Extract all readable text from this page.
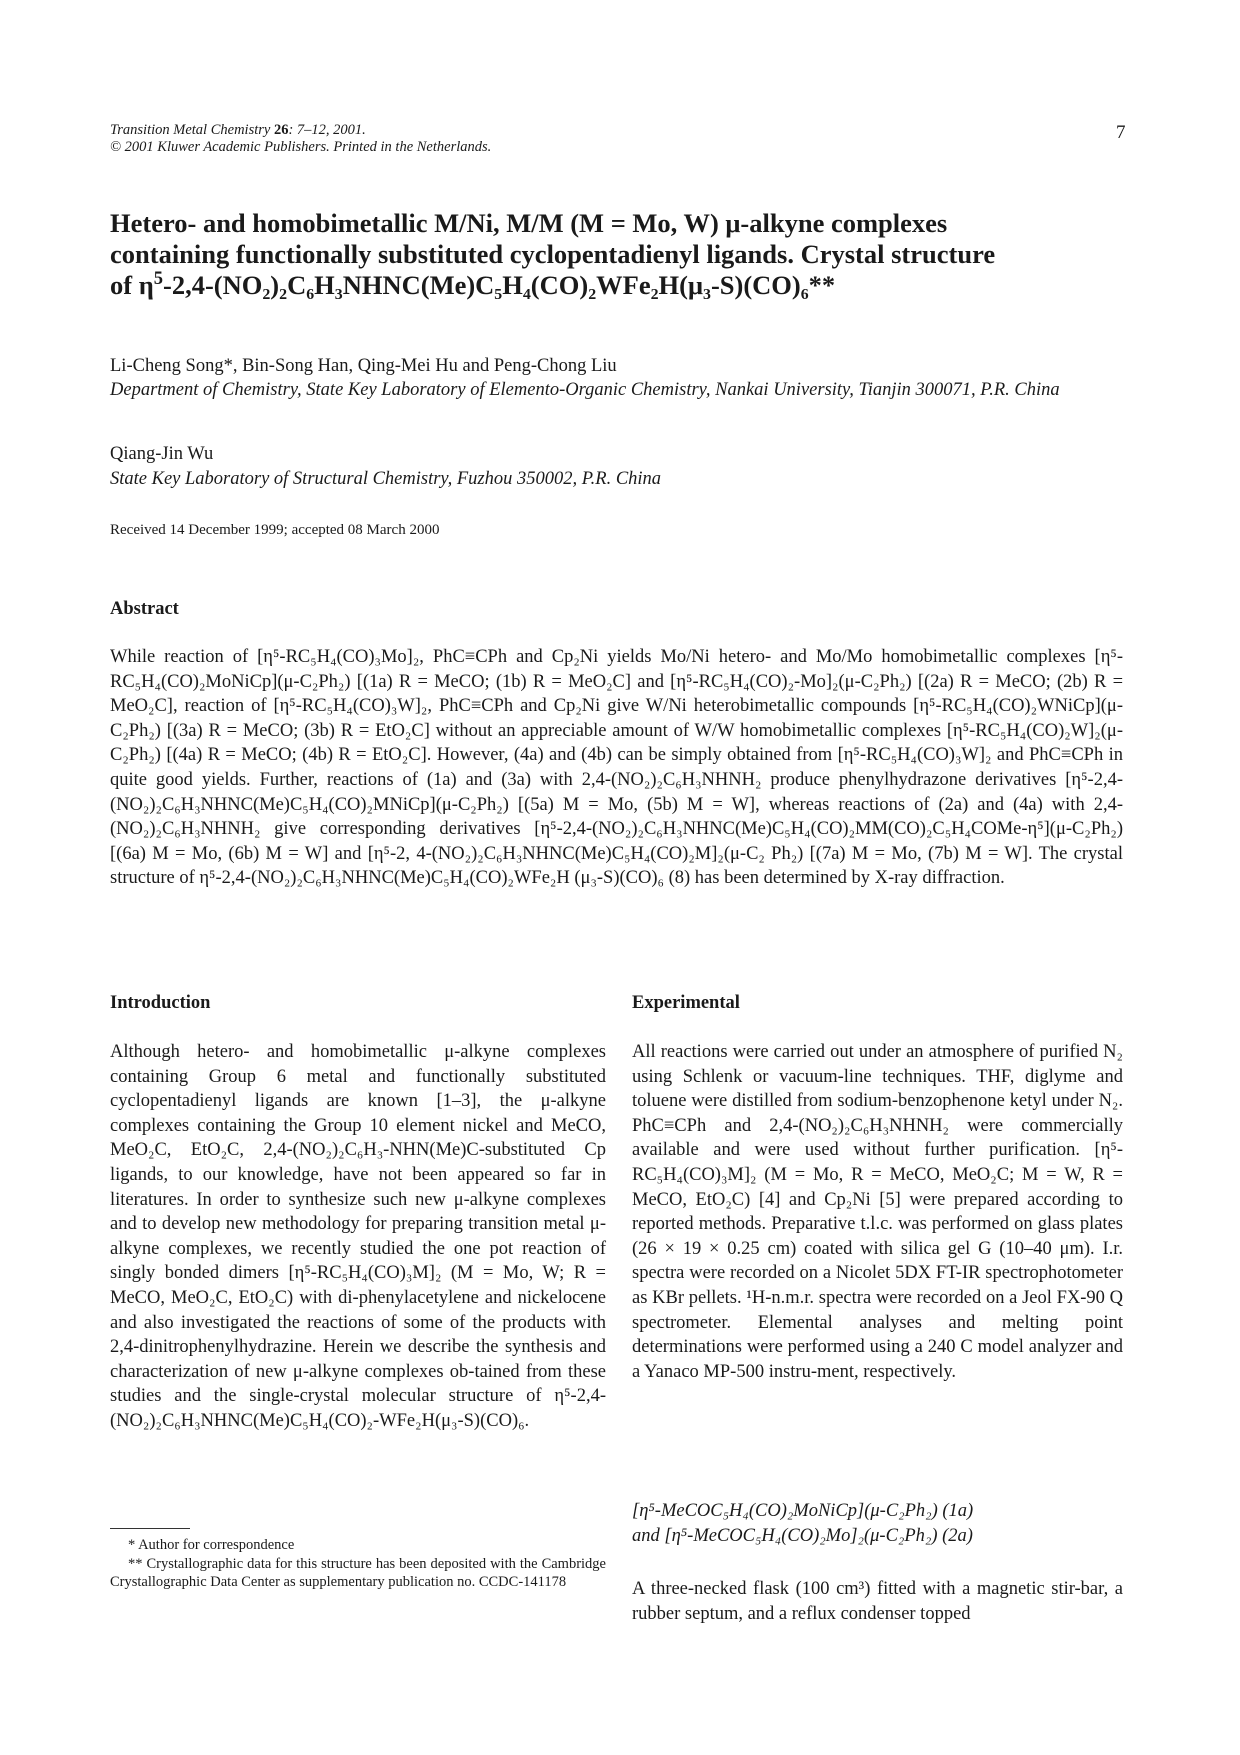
Transition Metal Chemistry 26: 7–12, 2001.
© 2001 Kluwer Academic Publishers. Printed in the Netherlands.
7
Hetero- and homobimetallic M/Ni, M/M (M = Mo, W) μ-alkyne complexes
containing functionally substituted cyclopentadienyl ligands. Crystal structure
of $\eta^5-2,4-(NO_2)_2C_6H_3NHNC(Me)C_5H_4(CO)_2WFe_2H(\mu_3-S)(CO)_6**$
Li-Cheng Song*, Bin-Song Han, Qing-Mei Hu and Peng-Chong Liu
Department of Chemistry, State Key Laboratory of Elemento-Organic Chemistry, Nankai University, Tianjin 300071, P.R. China
Qiang-Jin Wu
State Key Laboratory of Structural Chemistry, Fuzhou 350002, P.R. China
Received 14 December 1999; accepted 08 March 2000
Abstract
While reaction of [η⁵-RC₅H₄(CO)₃Mo]₂, PhC≡CPh and Cp₂Ni yields Mo/Ni hetero- and Mo/Mo homobimetallic complexes [η⁵-RC₅H₄(CO)₂MoNiCp](μ-C₂Ph₂) [(1a) R = MeCO; (1b) R = MeO₂C] and [η⁵-RC₅H₄(CO)₂-Mo]₂(μ-C₂Ph₂) [(2a) R = MeCO; (2b) R = MeO₂C], reaction of [η⁵-RC₅H₄(CO)₃W]₂, PhC≡CPh and Cp₂Ni give W/Ni heterobimetallic compounds [η⁵-RC₅H₄(CO)₂WNiCp](μ-C₂Ph₂) [(3a) R = MeCO; (3b) R = EtO₂C] without an appreciable amount of W/W homobimetallic complexes [η⁵-RC₅H₄(CO)₂W]₂(μ-C₂Ph₂) [(4a) R = MeCO; (4b) R = EtO₂C]. However, (4a) and (4b) can be simply obtained from [η⁵-RC₅H₄(CO)₃W]₂ and PhC≡CPh in quite good yields. Further, reactions of (1a) and (3a) with 2,4-(NO₂)₂C₆H₃NHNH₂ produce phenylhydrazone derivatives [η⁵-2,4-(NO₂)₂C₆H₃NHNC(Me)C₅H₄(CO)₂MNiCp](μ-C₂Ph₂) [(5a) M = Mo, (5b) M = W], whereas reactions of (2a) and (4a) with 2,4-(NO₂)₂C₆H₃NHNH₂ give corresponding derivatives [η⁵-2,4-(NO₂)₂C₆H₃NHNC(Me)C₅H₄(CO)₂MM(CO)₂C₅H₄COMe-η⁵](μ-C₂Ph₂) [(6a) M = Mo, (6b) M = W] and [η⁵-2, 4-(NO₂)₂C₆H₃NHNC(Me)C₅H₄(CO)₂M]₂(μ-C₂ Ph₂) [(7a) M = Mo, (7b) M = W]. The crystal structure of η⁵-2,4-(NO₂)₂C₆H₃NHNC(Me)C₅H₄(CO)₂WFe₂H (μ₃-S)(CO)₆ (8) has been determined by X-ray diffraction.
Introduction
Although hetero- and homobimetallic μ-alkyne complexes containing Group 6 metal and functionally substituted cyclopentadienyl ligands are known [1–3], the μ-alkyne complexes containing the Group 10 element nickel and MeCO, MeO₂C, EtO₂C, 2,4-(NO₂)₂C₆H₃-NHN(Me)C-substituted Cp ligands, to our knowledge, have not been appeared so far in literatures. In order to synthesize such new μ-alkyne complexes and to develop new methodology for preparing transition metal μ-alkyne complexes, we recently studied the one pot reaction of singly bonded dimers [η⁵-RC₅H₄(CO)₃M]₂ (M = Mo, W; R = MeCO, MeO₂C, EtO₂C) with di-phenylacetylene and nickelocene and also investigated the reactions of some of the products with 2,4-dinitrophenylhydrazine. Herein we describe the synthesis and characterization of new μ-alkyne complexes ob-tained from these studies and the single-crystal molecular structure of η⁵-2,4-(NO₂)₂C₆H₃NHNC(Me)C₅H₄(CO)₂-WFe₂H(μ₃-S)(CO)₆.
* Author for correspondence
** Crystallographic data for this structure has been deposited with the Cambridge Crystallographic Data Center as supplementary publication no. CCDC-141178
Experimental
All reactions were carried out under an atmosphere of purified N₂ using Schlenk or vacuum-line techniques. THF, diglyme and toluene were distilled from sodium-benzophenone ketyl under N₂. PhC≡CPh and 2,4-(NO₂)₂C₆H₃NHNH₂ were commercially available and were used without further purification. [η⁵-RC₅H₄(CO)₃M]₂ (M = Mo, R = MeCO, MeO₂C; M = W, R = MeCO, EtO₂C) [4] and Cp₂Ni [5] were prepared according to reported methods. Preparative t.l.c. was performed on glass plates (26 × 19 × 0.25 cm) coated with silica gel G (10–40 μm). I.r. spectra were recorded on a Nicolet 5DX FT-IR spectrophotometer as KBr pellets. ¹H-n.m.r. spectra were recorded on a Jeol FX-90 Q spectrometer. Elemental analyses and melting point determinations were performed using a 240 C model analyzer and a Yanaco MP-500 instru-ment, respectively.
[η⁵-MeCOC₅H₄(CO)₂MoNiCp](μ-C₂Ph₂) (1a)
and [η⁵-MeCOC₅H₄(CO)₂Mo]₂(μ-C₂Ph₂) (2a)
A three-necked flask (100 cm³) fitted with a magnetic stir-bar, a rubber septum, and a reflux condenser topped
